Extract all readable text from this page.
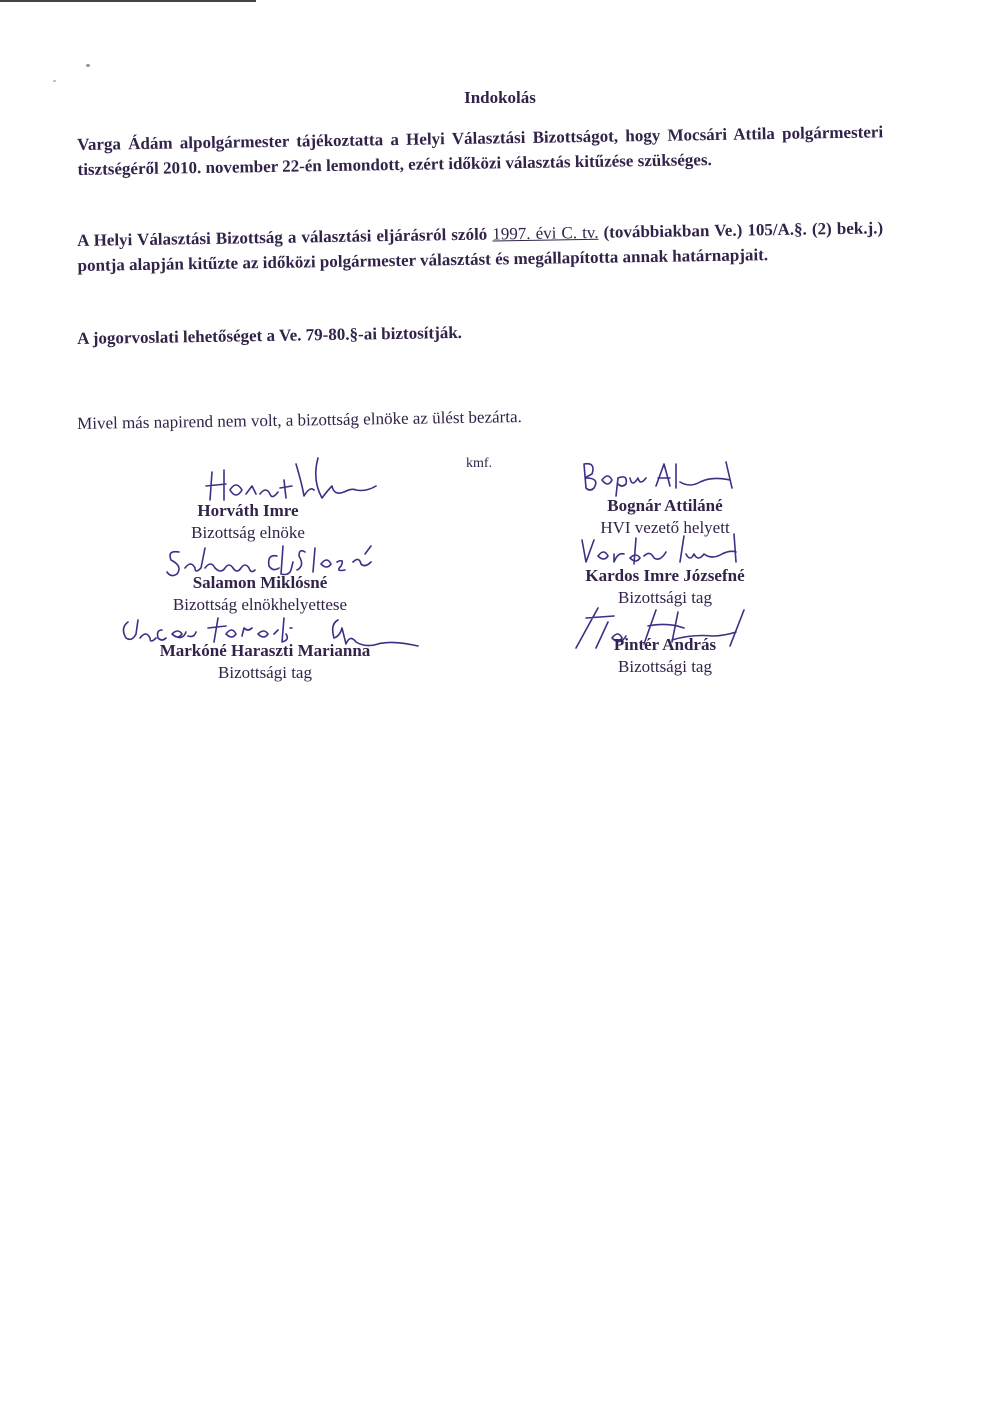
Indokolás

Varga Ádám alpolgármester tájékoztatta a Helyi Választási Bizottságot, hogy Mocsári Attila polgármesteri tisztségéről 2010. november 22-én lemondott, ezért időközi választás kitűzése szükséges.

A Helyi Választási Bizottság a választási eljárásról szóló 1997. évi C. tv. (továbbiakban Ve.) 105/A.§. (2) bek.j.) pontja alapján kitűzte az időközi polgármester választást és megállapította annak határnapjait.

A jogorvoslati lehetőséget a Ve. 79-80.§-ai biztosítják.

Mivel más napirend nem volt, a bizottság elnöke az ülést bezárta.

kmf.
Horváth Imre
Bizottság elnöke
Salamon Miklósné
Bizottság elnökhelyettese
Markóné Haraszti Marianna
Bizottsági tag
Bognár Attiláné
HVI vezető helyett
Kardos Imre Józsefné
Bizottsági tag
Pintér András
Bizottsági tag
